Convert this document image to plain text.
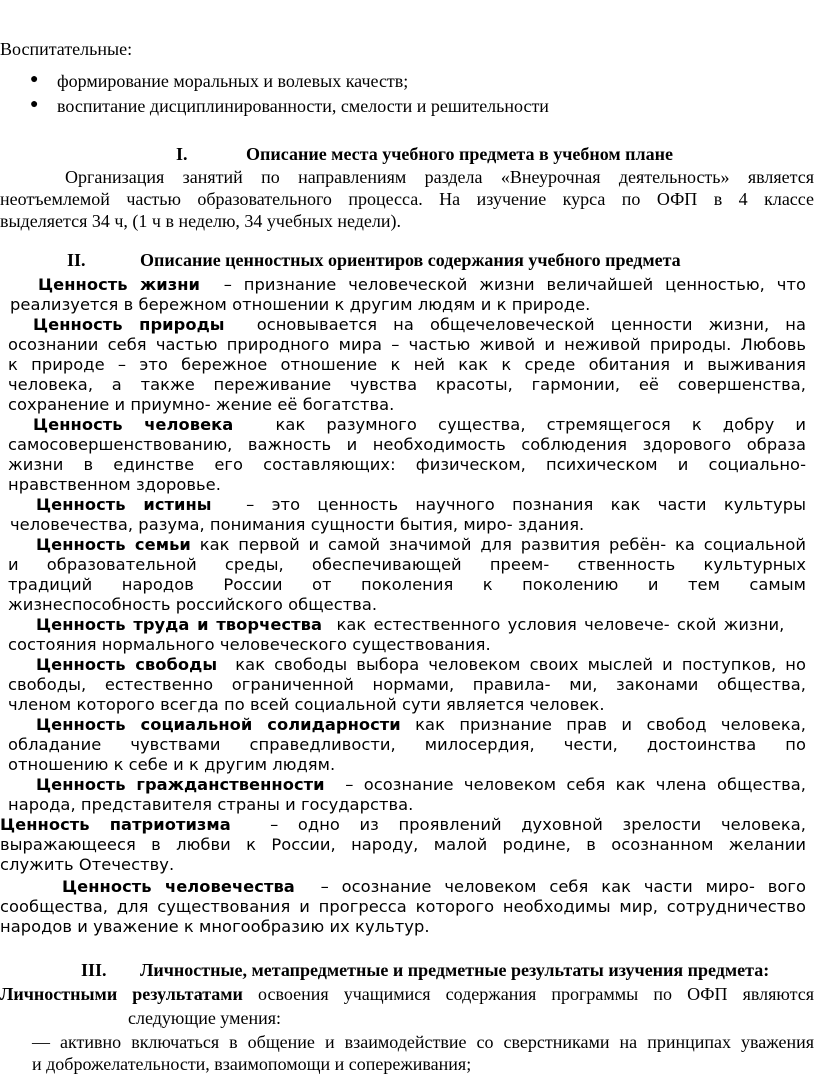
Воспитательные:
● формирование моральных и волевых качеств;
● воспитание дисциплинированности, смелости и решительности
I.	Описание места учебного предмета в учебном плане
Организация занятий по направлениям раздела «Внеурочная деятельность» является
неотъемлемой частью образовательного процесса. На изучение курса по ОФП в 4 классе
выделяется 34 ч, (1 ч в неделю, 34 учебных недели).
II.	Описание ценностных ориентиров содержания учебного предмета
Ценность жизни – признание человеческой жизни величайшей ценностью, что
реализуется в бережном отношении к другим людям и к природе.
Ценность природы основывается на общечеловеческой ценности жизни, на
осознании себя частью природного мира – частью живой и неживой природы. Любовь
к природе – это бережное отношение к ней как к среде обитания и выживания
человека, а также переживание чувства красоты, гармонии, её совершенства,
сохранение и приумно- жение её богатства.
Ценность человека	как разумного существа, стремящегося к добру и
самосовершенствованию, важность и необходимость соблюдения здорового образа
жизни в единстве его составляющих: физическом, психическом и социально-
нравственном здоровье.
Ценность истины – это ценность научного познания как части культуры
человечества, разума, понимания сущности бытия, миро- здания.
Ценность семьи как первой и самой значимой для развития ребён- ка социальной
и образовательной среды, обеспечивающей преем- ственность культурных
традиций народов России от поколения к поколению и тем самым
жизнеспособность российского общества.
Ценность труда и творчества как естественного условия человече- ской жизни,
состояния нормального человеческого существования.
Ценность свободы как свободы выбора человеком своих мыслей и поступков, но
свободы, естественно ограниченной нормами, правила- ми, законами общества,
членом которого всегда по всей социальной сути является человек.
Ценность социальной солидарности как признание прав и свобод человека,
обладание чувствами справедливости, милосердия, чести, достоинства по
отношению к себе и к другим людям.
Ценность гражданственности – осознание человеком себя как члена общества,
народа, представителя страны и государства.
Ценность патриотизма – одно из проявлений духовной зрелости человека,
выражающееся в любви к России, народу, малой родине, в осознанном желании
служить Отечеству.
Ценность человечества – осознание человеком себя как части миро- вого
сообщества, для существования и прогресса которого необходимы мир, сотрудничество
народов и уважение к многообразию их культур.
III. Личностные, метапредметные и предметные результаты изучения предмета:
Личностными результатами освоения учащимися содержания программы по ОФП являются
следующие умения:
— активно включаться в общение и взаимодействие со сверстниками на принципах уважения
и доброжелательности, взаимопомощи и сопереживания;
